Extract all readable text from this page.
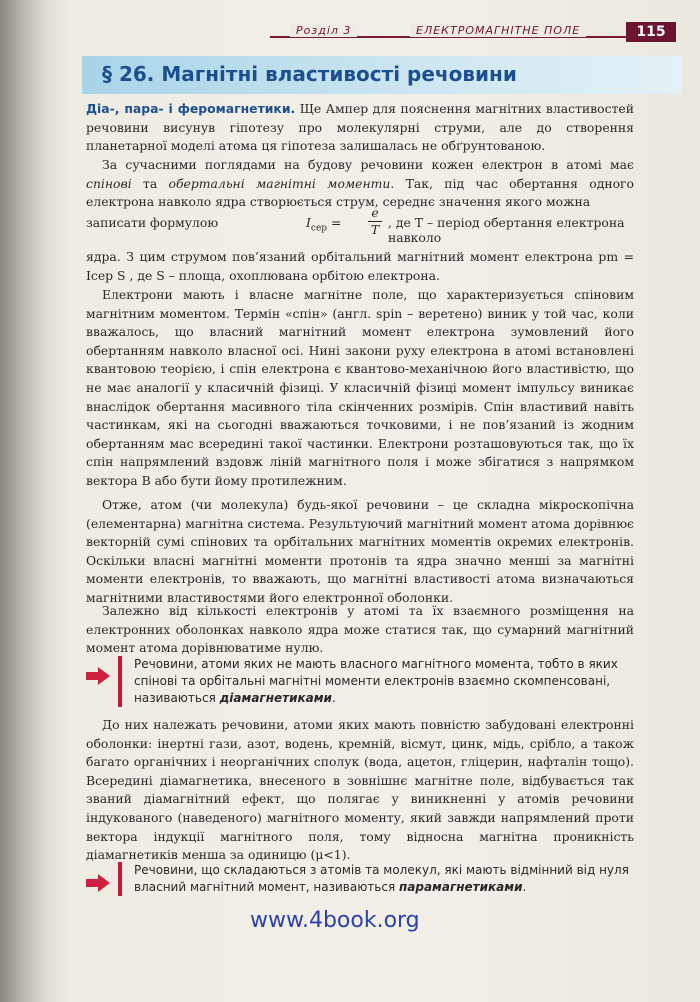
Розділ 3	ЕЛЕКТРОМАГНІТНЕ ПОЛЕ	115
§ 26. Магнітні властивості речовини
Діа-, пара- і феромагнетики. Ще Ампер для пояснення магнітних властивостей речовини висунув гіпотезу про молекулярні струми, але до створення планетарної моделі атома ця гіпотеза залишалась не обґрунтованою.
За сучасними поглядами на будову речовини кожен електрон в атомі має спінові та обертальні магнітні моменти. Так, під час обертання одного електрона навколо ядра створюється струм, середнє значення якого можна
записати формулою	$I_{сер} = \frac{e}{T}$ , де T – період обертання електрона навколо
ядра. З цим струмом пов’язаний орбітальний магнітний момент електрона pm = Iсер S , де S – площа, охоплювана орбітою електрона.
Електрони мають і власне магнітне поле, що характеризується спіновим магнітним моментом. Термін «спін» (англ. spin – веретено) виник у той час, коли вважалось, що власний магнітний момент електрона зумовлений його обертанням навколо власної осі. Нині закони руху електрона в атомі встановлені квантовою теорією, і спін електрона є квантово-механічною його властивістю, що не має аналогії у класичній фізиці. У класичній фізиці момент імпульсу виникає внаслідок обертання масивного тіла скінченних розмірів. Спін властивий навіть частинкам, які на сьогодні вважаються точковими, і не пов’язаний із жодним обертанням мас всередині такої частинки. Електрони розташовуються так, що їх спін напрямлений вздовж ліній магнітного поля і може збігатися з напрямком вектора B або бути йому протилежним.
Отже, атом (чи молекула) будь-якої речовини – це складна мікроскопічна (елементарна) магнітна система. Результуючий магнітний момент атома дорівнює векторній сумі спінових та орбітальних магнітних моментів окремих електронів. Оскільки власні магнітні моменти протонів та ядра значно менші за магнітні моменти електронів, то вважають, що магнітні властивості атома визначаються магнітними властивостями його електронної оболонки.
Залежно від кількості електронів у атомі та їх взаємного розміщення на електронних оболонках навколо ядра може статися так, що сумарний магнітний момент атома дорівнюватиме нулю.
Речовини, атоми яких не мають власного магнітного момента, тобто в яких спінові та орбітальні магнітні моменти електронів взаємно скомпенсовані, називаються діамагнетиками.
До них належать речовини, атоми яких мають повністю забудовані електронні оболонки: інертні гази, азот, водень, кремній, вісмут, цинк, мідь, срібло, а також багато органічних і неорганічних сполук (вода, ацетон, гліцерин, нафталін тощо). Всередині діамагнетика, внесеного в зовнішнє магнітне поле, відбувається так званий діамагнітний ефект, що полягає у виникненні у атомів речовини індукованого (наведеного) магнітного моменту, який завжди напрямлений проти вектора індукції магнітного поля, тому відносна магнітна проникність діамагнетиків менша за одиницю (μ<1).
Речовини, що складаються з атомів та молекул, які мають відмінний від нуля власний магнітний момент, називаються парамагнетиками.
www.4book.org
